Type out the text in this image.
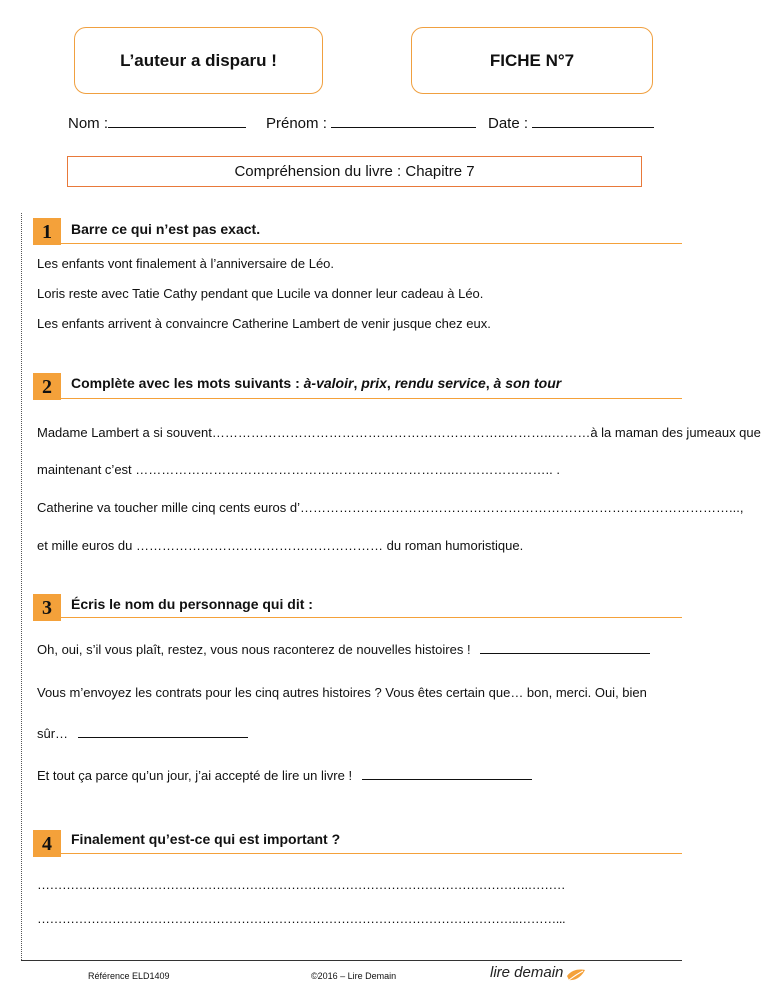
L’auteur a disparu !	FICHE N°7
Nom :	Prénom :	Date :
Compréhension du livre : Chapitre 7
1	Barre ce qui n’est pas exact.
Les enfants vont finalement à l’anniversaire de Léo.
Loris reste avec Tatie Cathy pendant que Lucile va donner leur cadeau à Léo.
Les enfants arrivent à convaincre Catherine Lambert de venir jusque chez eux.
2	Complète avec les mots suivants : à-valoir, prix, rendu service, à son tour
Madame Lambert a si souvent…………………………………………………………..………..………à la maman des jumeaux que
maintenant c’est ………………………………………………………………..………………….. .
Catherine va toucher mille cinq cents euros d’………………………………………………………………………………………...,
et mille euros du ………………………………………………… du roman humoristique.
3	Écris le nom du personnage qui dit :
Oh, oui, s’il vous plaît, restez, vous nous raconterez de nouvelles histoires !
Vous m’envoyez les contrats pour les cinq autres histoires ? Vous êtes certain que… bon, merci. Oui, bien
sûr…
Et tout ça parce qu’un jour, j’ai accepté de lire un livre !
4	Finalement qu’est-ce qui est important ?
……………………………………………………………………………………………………….………
……………………………………………………………………………………………………..………...
Référence ELD1409	©2016 – Lire Demain	lire demain
